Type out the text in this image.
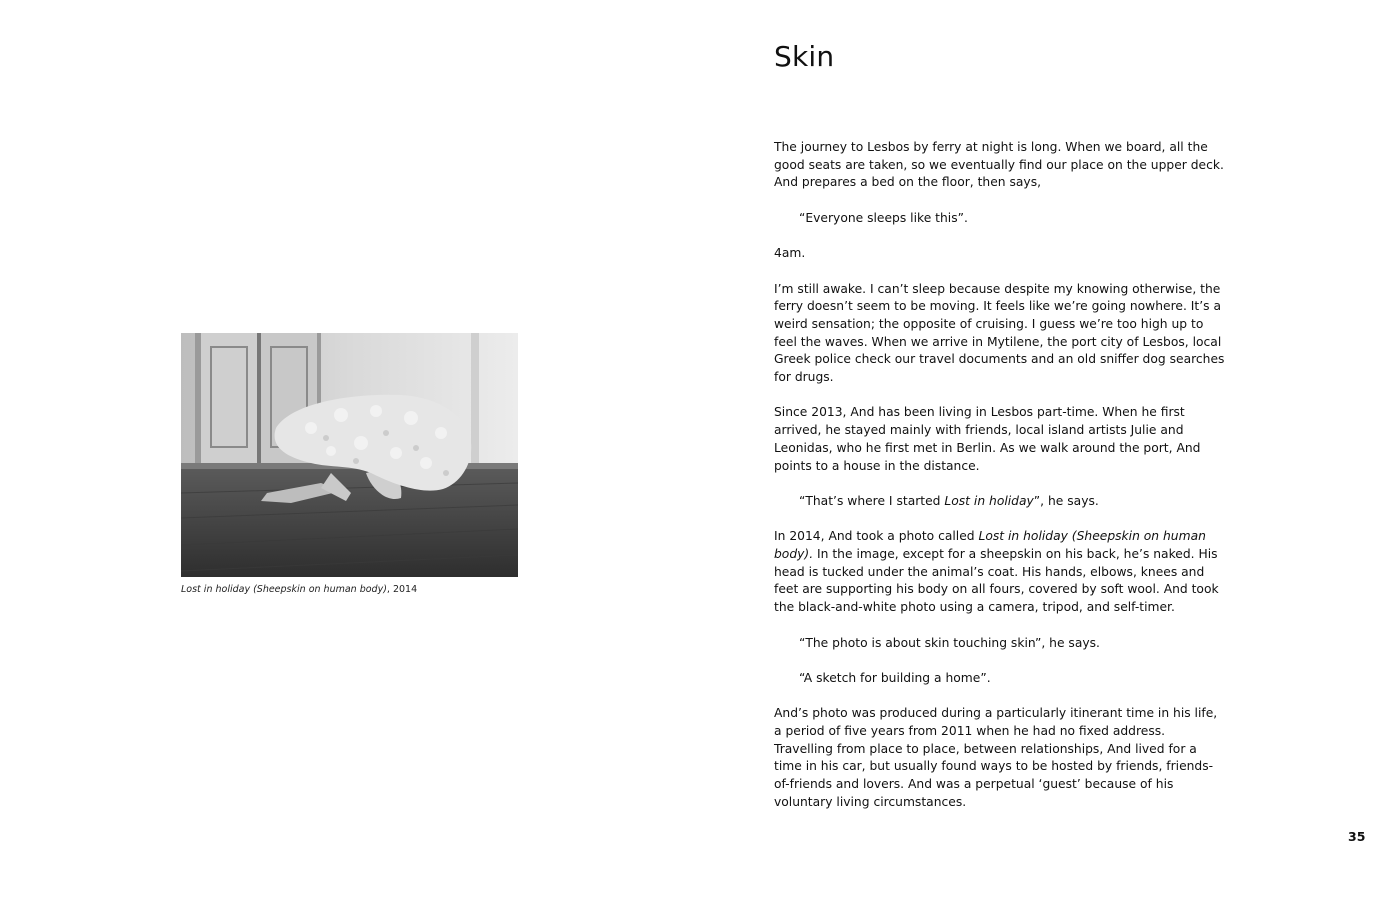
Lost in holiday (Sheepskin on human body), 2014
Skin

The journey to Lesbos by ferry at night is long. When we board, all the good seats are taken, so we eventually find our place on the upper deck. And prepares a bed on the floor, then says,

“Everyone sleeps like this”.

4am.

I’m still awake. I can’t sleep because despite my knowing otherwise, the ferry doesn’t seem to be moving. It feels like we’re going nowhere. It’s a weird sensation; the opposite of cruising. I guess we’re too high up to feel the waves. When we arrive in Mytilene, the port city of Lesbos, local Greek police check our travel documents and an old sniffer dog searches for drugs.

Since 2013, And has been living in Lesbos part-time. When he first arrived, he stayed mainly with friends, local island artists Julie and Leonidas, who he first met in Berlin. As we walk around the port, And points to a house in the distance.

“That’s where I started Lost in holiday”, he says.

In 2014, And took a photo called Lost in holiday (Sheepskin on human body). In the image, except for a sheepskin on his back, he’s naked. His head is tucked under the animal’s coat. His hands, elbows, knees and feet are supporting his body on all fours, covered by soft wool. And took the black-and-white photo using a camera, tripod, and self-timer.

“The photo is about skin touching skin”, he says.

“A sketch for building a home”.

And’s photo was produced during a particularly itinerant time in his life, a period of five years from 2011 when he had no fixed address. Travelling from place to place, between relationships, And lived for a time in his car, but usually found ways to be hosted by friends, friends-of-friends and lovers. And was a perpetual ‘guest’ because of his voluntary living circumstances.

35
